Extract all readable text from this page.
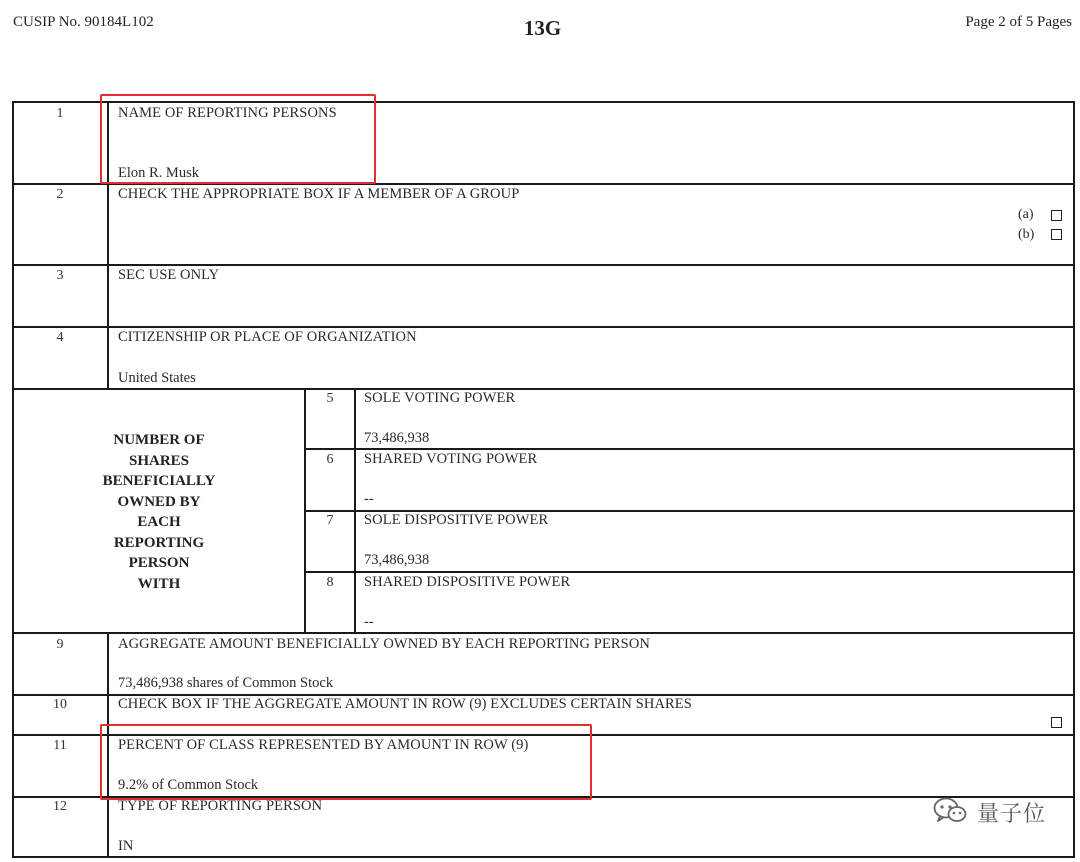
CUSIP No. 90184L102	13G	Page 2 of 5 Pages
1	NAME OF REPORTING PERSONS
Elon R. Musk
2	CHECK THE APPROPRIATE BOX IF A MEMBER OF A GROUP
(a)
(b)
3	SEC USE ONLY
4	CITIZENSHIP OR PLACE OF ORGANIZATION
United States
NUMBER OF
SHARES
BENEFICIALLY
OWNED BY
EACH
REPORTING
PERSON
WITH
5	SOLE VOTING POWER
73,486,938
6	SHARED VOTING POWER
--
7	SOLE DISPOSITIVE POWER
73,486,938
8	SHARED DISPOSITIVE POWER
--
9	AGGREGATE AMOUNT BENEFICIALLY OWNED BY EACH REPORTING PERSON
73,486,938 shares of Common Stock
10	CHECK BOX IF THE AGGREGATE AMOUNT IN ROW (9) EXCLUDES CERTAIN SHARES
11	PERCENT OF CLASS REPRESENTED BY AMOUNT IN ROW (9)
9.2% of Common Stock
12	TYPE OF REPORTING PERSON
IN
量子位
